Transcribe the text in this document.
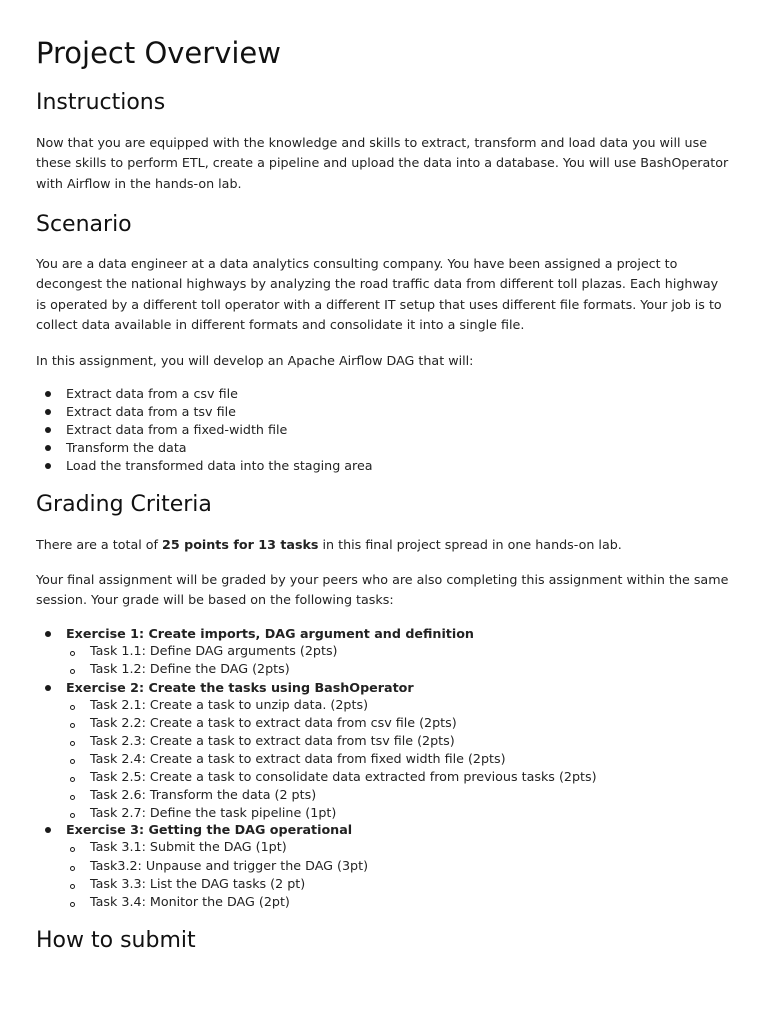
Project Overview
Instructions

Now that you are equipped with the knowledge and skills to extract, transform and load data you will use these skills to perform ETL, create a pipeline and upload the data into a database. You will use BashOperator with Airflow in the hands-on lab.

Scenario

You are a data engineer at a data analytics consulting company. You have been assigned a project to decongest the national highways by analyzing the road traffic data from different toll plazas. Each highway is operated by a different toll operator with a different IT setup that uses different file formats. Your job is to collect data available in different formats and consolidate it into a single file.

In this assignment, you will develop an Apache Airflow DAG that will:

Extract data from a csv file
Extract data from a tsv file
Extract data from a fixed-width file
Transform the data
Load the transformed data into the staging area
Grading Criteria

There are a total of 25 points for 13 tasks in this final project spread in one hands-on lab.

Your final assignment will be graded by your peers who are also completing this assignment within the same session. Your grade will be based on the following tasks:

Exercise 1: Create imports, DAG argument and definition
Task 1.1: Define DAG arguments (2pts)
Task 1.2: Define the DAG (2pts)
Exercise 2: Create the tasks using BashOperator
Task 2.1: Create a task to unzip data. (2pts)
Task 2.2: Create a task to extract data from csv file (2pts)
Task 2.3: Create a task to extract data from tsv file (2pts)
Task 2.4: Create a task to extract data from fixed width file (2pts)
Task 2.5: Create a task to consolidate data extracted from previous tasks (2pts)
Task 2.6: Transform the data (2 pts)
Task 2.7: Define the task pipeline (1pt)
Exercise 3: Getting the DAG operational
Task 3.1: Submit the DAG (1pt)
Task3.2: Unpause and trigger the DAG (3pt)
Task 3.3: List the DAG tasks (2 pt)
Task 3.4: Monitor the DAG (2pt)
How to submit
